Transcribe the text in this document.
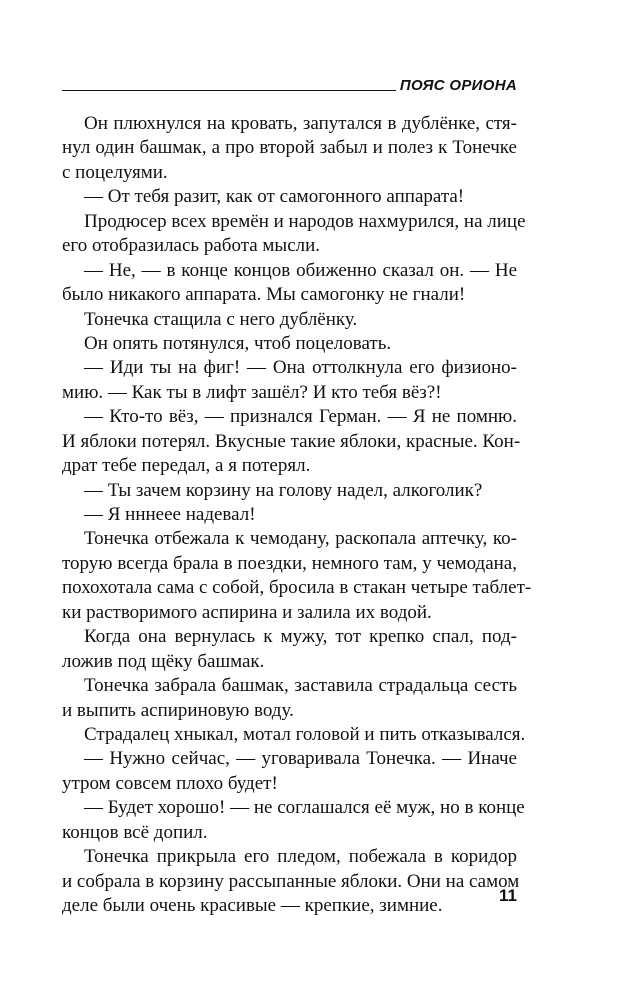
ПОЯС ОРИОНА
Он плюхнулся на кровать, запутался в дублёнке, стя-
нул один башмак, а про второй забыл и полез к Тонечке
с поцелуями.
— От тебя разит, как от самогонного аппарата!
Продюсер всех времён и народов нахмурился, на лице
его отобразилась работа мысли.
— Не, — в конце концов обиженно сказал он. — Не
было никакого аппарата. Мы самогонку не гнали!
Тонечка стащила с него дублёнку.
Он опять потянулся, чтоб поцеловать.
— Иди ты на фиг! — Она оттолкнула его физионо-
мию. — Как ты в лифт зашёл? И кто тебя вёз?!
— Кто-то вёз, — признался Герман. — Я не помню.
И яблоки потерял. Вкусные такие яблоки, красные. Кон-
драт тебе передал, а я потерял.
— Ты зачем корзину на голову надел, алкоголик?
— Я нннеее надевал!
Тонечка отбежала к чемодану, раскопала аптечку, ко-
торую всегда брала в поездки, немного там, у чемодана,
похохотала сама с собой, бросила в стакан четыре таблет-
ки растворимого аспирина и залила их водой.
Когда она вернулась к мужу, тот крепко спал, под-
ложив под щёку башмак.
Тонечка забрала башмак, заставила страдальца сесть
и выпить аспириновую воду.
Страдалец хныкал, мотал головой и пить отказывался.
— Нужно сейчас, — уговаривала Тонечка. — Иначе
утром совсем плохо будет!
— Будет хорошо! — не соглашался её муж, но в конце
концов всё допил.
Тонечка прикрыла его пледом, побежала в коридор
и собрала в корзину рассыпанные яблоки. Они на самом
деле были очень красивые — крепкие, зимние.	11
